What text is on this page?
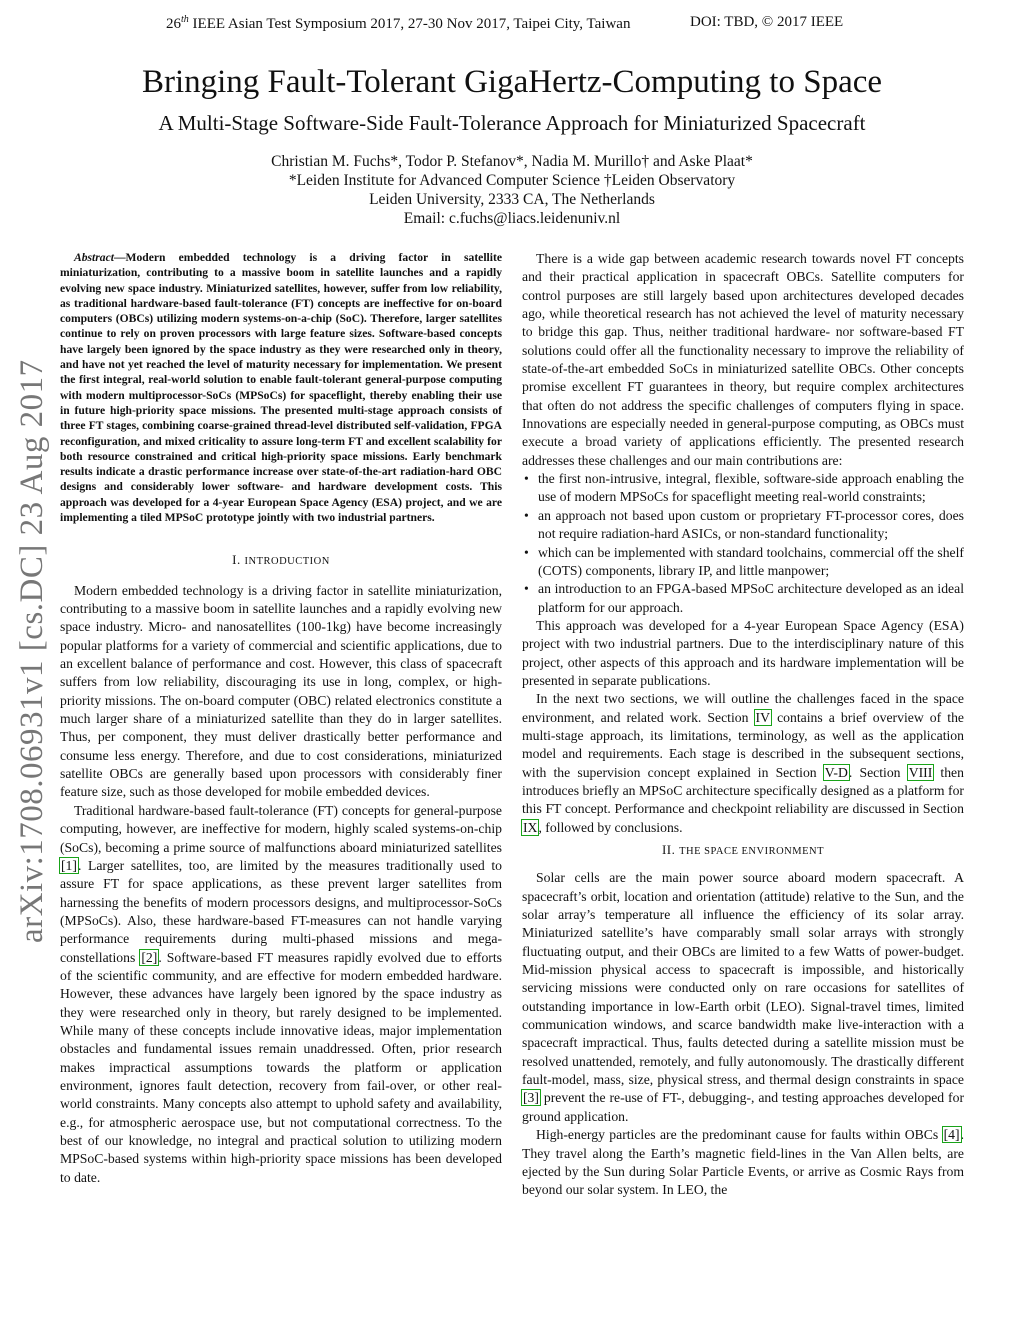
26th IEEE Asian Test Symposium 2017, 27-30 Nov 2017, Taipei City, Taiwan	DOI: TBD, © 2017 IEEE
Bringing Fault-Tolerant GigaHertz-Computing to Space
A Multi-Stage Software-Side Fault-Tolerance Approach for Miniaturized Spacecraft
Christian M. Fuchs*, Todor P. Stefanov*, Nadia M. Murillo† and Aske Plaat*
*Leiden Institute for Advanced Computer Science †Leiden Observatory
Leiden University, 2333 CA, The Netherlands
Email: c.fuchs@liacs.leidenuniv.nl
arXiv:1708.06931v1 [cs.DC] 23 Aug 2017

Abstract—Modern embedded technology is a driving factor in satellite miniaturization, contributing to a massive boom in satellite launches and a rapidly evolving new space industry. Miniaturized satellites, however, suffer from low reliability, as traditional hardware-based fault-tolerance (FT) concepts are ineffective for on-board computers (OBCs) utilizing modern systems-on-a-chip (SoC). Therefore, larger satellites continue to rely on proven processors with large feature sizes. Software-based concepts have largely been ignored by the space industry as they were researched only in theory, and have not yet reached the level of maturity necessary for implementation. We present the first integral, real-world solution to enable fault-tolerant general-purpose computing with modern multiprocessor-SoCs (MPSoCs) for spaceflight, thereby enabling their use in future high-priority space missions. The presented multi-stage approach consists of three FT stages, combining coarse-grained thread-level distributed self-validation, FPGA reconfiguration, and mixed criticality to assure long-term FT and excellent scalability for both resource constrained and critical high-priority space missions. Early benchmark results indicate a drastic performance increase over state-of-the-art radiation-hard OBC designs and considerably lower software- and hardware development costs. This approach was developed for a 4-year European Space Agency (ESA) project, and we are implementing a tiled MPSoC prototype jointly with two industrial partners.

I. INTRODUCTION

Modern embedded technology is a driving factor in satellite miniaturization, contributing to a massive boom in satellite launches and a rapidly evolving new space industry. Micro- and nanosatellites (100-1kg) have become increasingly popular platforms for a variety of commercial and scientific applications, due to an excellent balance of performance and cost. However, this class of spacecraft suffers from low reliability, discouraging its use in long, complex, or high-priority missions. The on-board computer (OBC) related electronics constitute a much larger share of a miniaturized satellite than they do in larger satellites. Thus, per component, they must deliver drastically better performance and consume less energy. Therefore, and due to cost considerations, miniaturized satellite OBCs are generally based upon processors with considerably finer feature size, such as those developed for mobile embedded devices.

Traditional hardware-based fault-tolerance (FT) concepts for general-purpose computing, however, are ineffective for modern, highly scaled systems-on-chip (SoCs), becoming a prime source of malfunctions aboard miniaturized satellites [1]. Larger satellites, too, are limited by the measures traditionally used to assure FT for space applications, as these prevent larger satellites from harnessing the benefits of modern processors designs, and multiprocessor-SoCs (MPSoCs). Also, these hardware-based FT-measures can not handle varying performance requirements during multi-phased missions and mega-constellations [2]. Software-based FT measures rapidly evolved due to efforts of the scientific community, and are effective for modern embedded hardware. However, these advances have largely been ignored by the space industry as they were researched only in theory, but rarely designed to be implemented. While many of these concepts include innovative ideas, major implementation obstacles and fundamental issues remain unaddressed. Often, prior research makes impractical assumptions towards the platform or application environment, ignores fault detection, recovery from fail-over, or other real-world constraints. Many concepts also attempt to uphold safety and availability, e.g., for atmospheric aerospace use, but not computational correctness. To the best of our knowledge, no integral and practical solution to utilizing modern MPSoC-based systems within high-priority space missions has been developed to date.

There is a wide gap between academic research towards novel FT concepts and their practical application in spacecraft OBCs. Satellite computers for control purposes are still largely based upon architectures developed decades ago, while theoretical research has not achieved the level of maturity necessary to bridge this gap. Thus, neither traditional hardware- nor software-based FT solutions could offer all the functionality necessary to improve the reliability of state-of-the-art embedded SoCs in miniaturized satellite OBCs. Other concepts promise excellent FT guarantees in theory, but require complex architectures that often do not address the specific challenges of computers flying in space. Innovations are especially needed in general-purpose computing, as OBCs must execute a broad variety of applications efficiently. The presented research addresses these challenges and our main contributions are:

• the first non-intrusive, integral, flexible, software-side approach enabling the use of modern MPSoCs for spaceflight meeting real-world constraints;
• an approach not based upon custom or proprietary FT-processor cores, does not require radiation-hard ASICs, or non-standard functionality;
• which can be implemented with standard toolchains, commercial off the shelf (COTS) components, library IP, and little manpower;
• an introduction to an FPGA-based MPSoC architecture developed as an ideal platform for our approach.

This approach was developed for a 4-year European Space Agency (ESA) project with two industrial partners. Due to the interdisciplinary nature of this project, other aspects of this approach and its hardware implementation will be presented in separate publications.

In the next two sections, we will outline the challenges faced in the space environment, and related work. Section IV contains a brief overview of the multi-stage approach, its limitations, terminology, as well as the application model and requirements. Each stage is described in the subsequent sections, with the supervision concept explained in Section V-D. Section VIII then introduces briefly an MPSoC architecture specifically designed as a platform for this FT concept. Performance and checkpoint reliability are discussed in Section IX, followed by conclusions.

II. THE SPACE ENVIRONMENT

Solar cells are the main power source aboard modern spacecraft. A spacecraft’s orbit, location and orientation (attitude) relative to the Sun, and the solar array’s temperature all influence the efficiency of its solar array. Miniaturized satellite’s have comparably small solar arrays with strongly fluctuating output, and their OBCs are limited to a few Watts of power-budget. Mid-mission physical access to spacecraft is impossible, and historically servicing missions were conducted only on rare occasions for satellites of outstanding importance in low-Earth orbit (LEO). Signal-travel times, limited communication windows, and scarce bandwidth make live-interaction with a spacecraft impractical. Thus, faults detected during a satellite mission must be resolved unattended, remotely, and fully autonomously. The drastically different fault-model, mass, size, physical stress, and thermal design constraints in space [3] prevent the re-use of FT-, debugging-, and testing approaches developed for ground application.

High-energy particles are the predominant cause for faults within OBCs [4]. They travel along the Earth’s magnetic field-lines in the Van Allen belts, are ejected by the Sun during Solar Particle Events, or arrive as Cosmic Rays from beyond our solar system. In LEO, the
